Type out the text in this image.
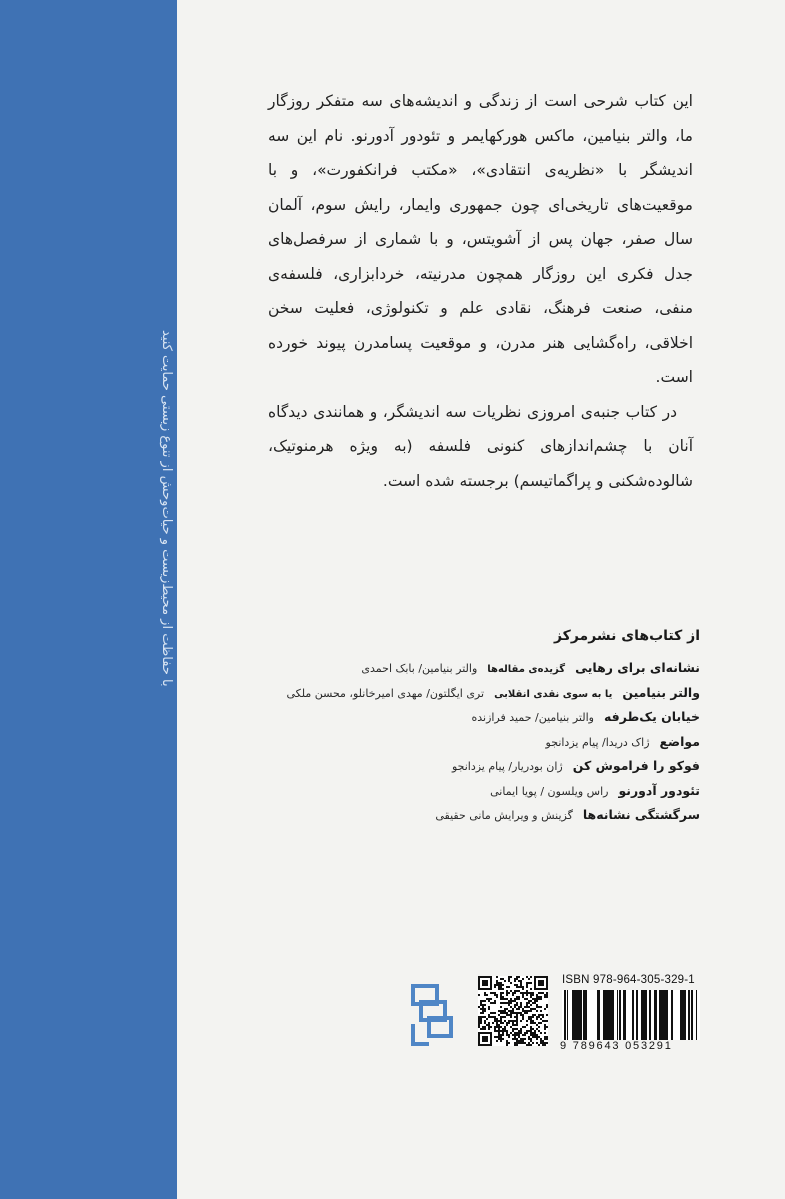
با حفاظت از محیط‌زیست و حیات‌وحش از تنوع زیستی حمایت کنید

این کتاب شرحی است از زندگی و اندیشه‌های سه متفکر روزگار ما، والتر بنیامین، ماکس هورکهایمر و تئودور آدورنو. نام این سه اندیشگر با «نظریه‌ی انتقادی»، «مکتب فرانکفورت»، و با موقعیت‌های تاریخی‌ای چون جمهوری وایمار، رایش سوم، آلمان سال صفر، جهان پس از آشویتس، و با شماری از سرفصل‌های جدل فکری این روزگار همچون مدرنیته، خردابزاری، فلسفه‌ی منفی، صنعت فرهنگ، نقادی علم و تکنولوژی، فعلیت سخن اخلاقی، راه‌گشایی هنر مدرن، و موقعیت پسامدرن پیوند خورده است.

در کتاب جنبه‌ی امروزی نظریات سه اندیشگر، و همانندی دیدگاه آنان با چشم‌اندازهای کنونی فلسفه (به ویژه هرمنوتیک، شالوده‌شکنی و پراگماتیسم) برجسته شده است.

از کتاب‌های نشرمرکز
نشانه‌ای برای رهایی
گزیده‌ی مقاله‌ها
والتر بنیامین/ بابک احمدی
والتر بنیامین
یا به سوی نقدی انقلابی
تری ایگلتون/ مهدی امیرخانلو، محسن ملکی
خیابان یک‌طرفه
والتر بنیامین/ حمید فرازنده
مواضع
ژاک دریدا/ پیام یزدانجو
فوکو را فراموش کن
ژان بودریار/ پیام یزدانجو
تئودور آدورنو
راس ویلسون / پویا ایمانی
سرگشتگی نشانه‌ها
گزینش و ویرایش مانی حقیقی
ISBN 978-964-305-329-1
9 789643 053291
